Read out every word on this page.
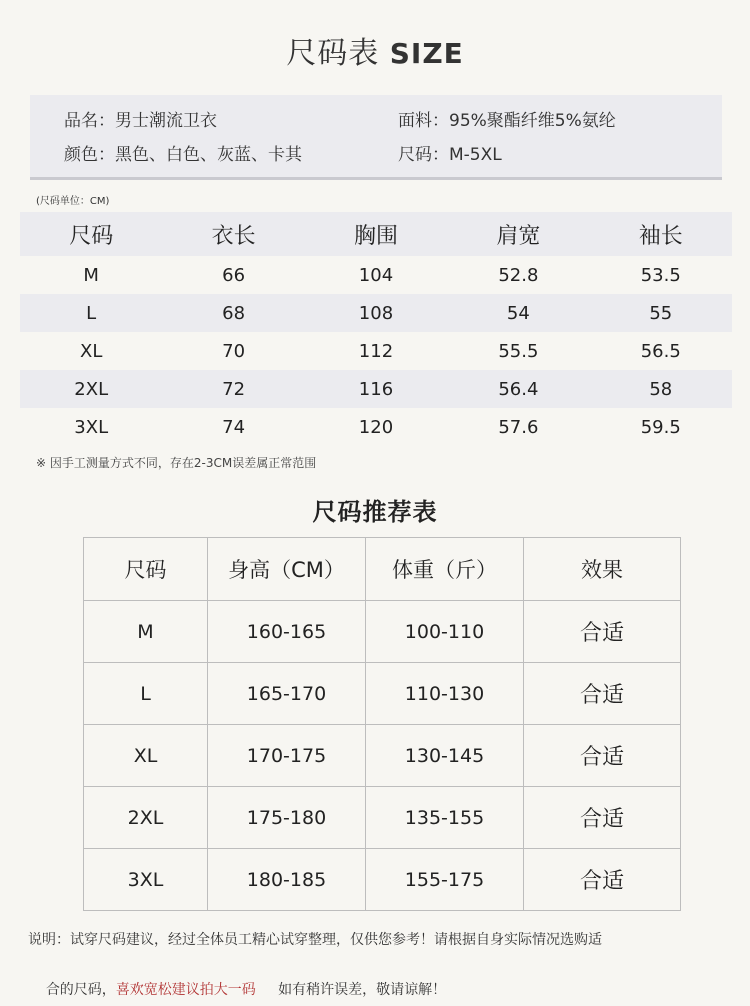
尺码表 SIZE
品名：男士潮流卫衣	面料：95%聚酯纤维5%氨纶
颜色：黑色、白色、灰蓝、卡其	尺码：M-5XL
(尺码单位：CM)
尺码	衣长	胸围	肩宽	袖长
M	66	104	52.8	53.5
L	68	108	54	55
XL	70	112	55.5	56.5
2XL	72	116	56.4	58
3XL	74	120	57.6	59.5
※ 因手工测量方式不同，存在2-3CM误差属正常范围
尺码推荐表
尺码	身高（CM）	体重（斤）	效果
M	160-165	100-110	合适
L	165-170	110-130	合适
XL	170-175	130-145	合适
2XL	175-180	135-155	合适
3XL	180-185	155-175	合适
说明：试穿尺码建议，经过全体员工精心试穿整理，仅供您参考！请根据自身实际情况选购适

合的尺码，喜欢宽松建议拍大一码     如有稍许误差，敬请谅解！
